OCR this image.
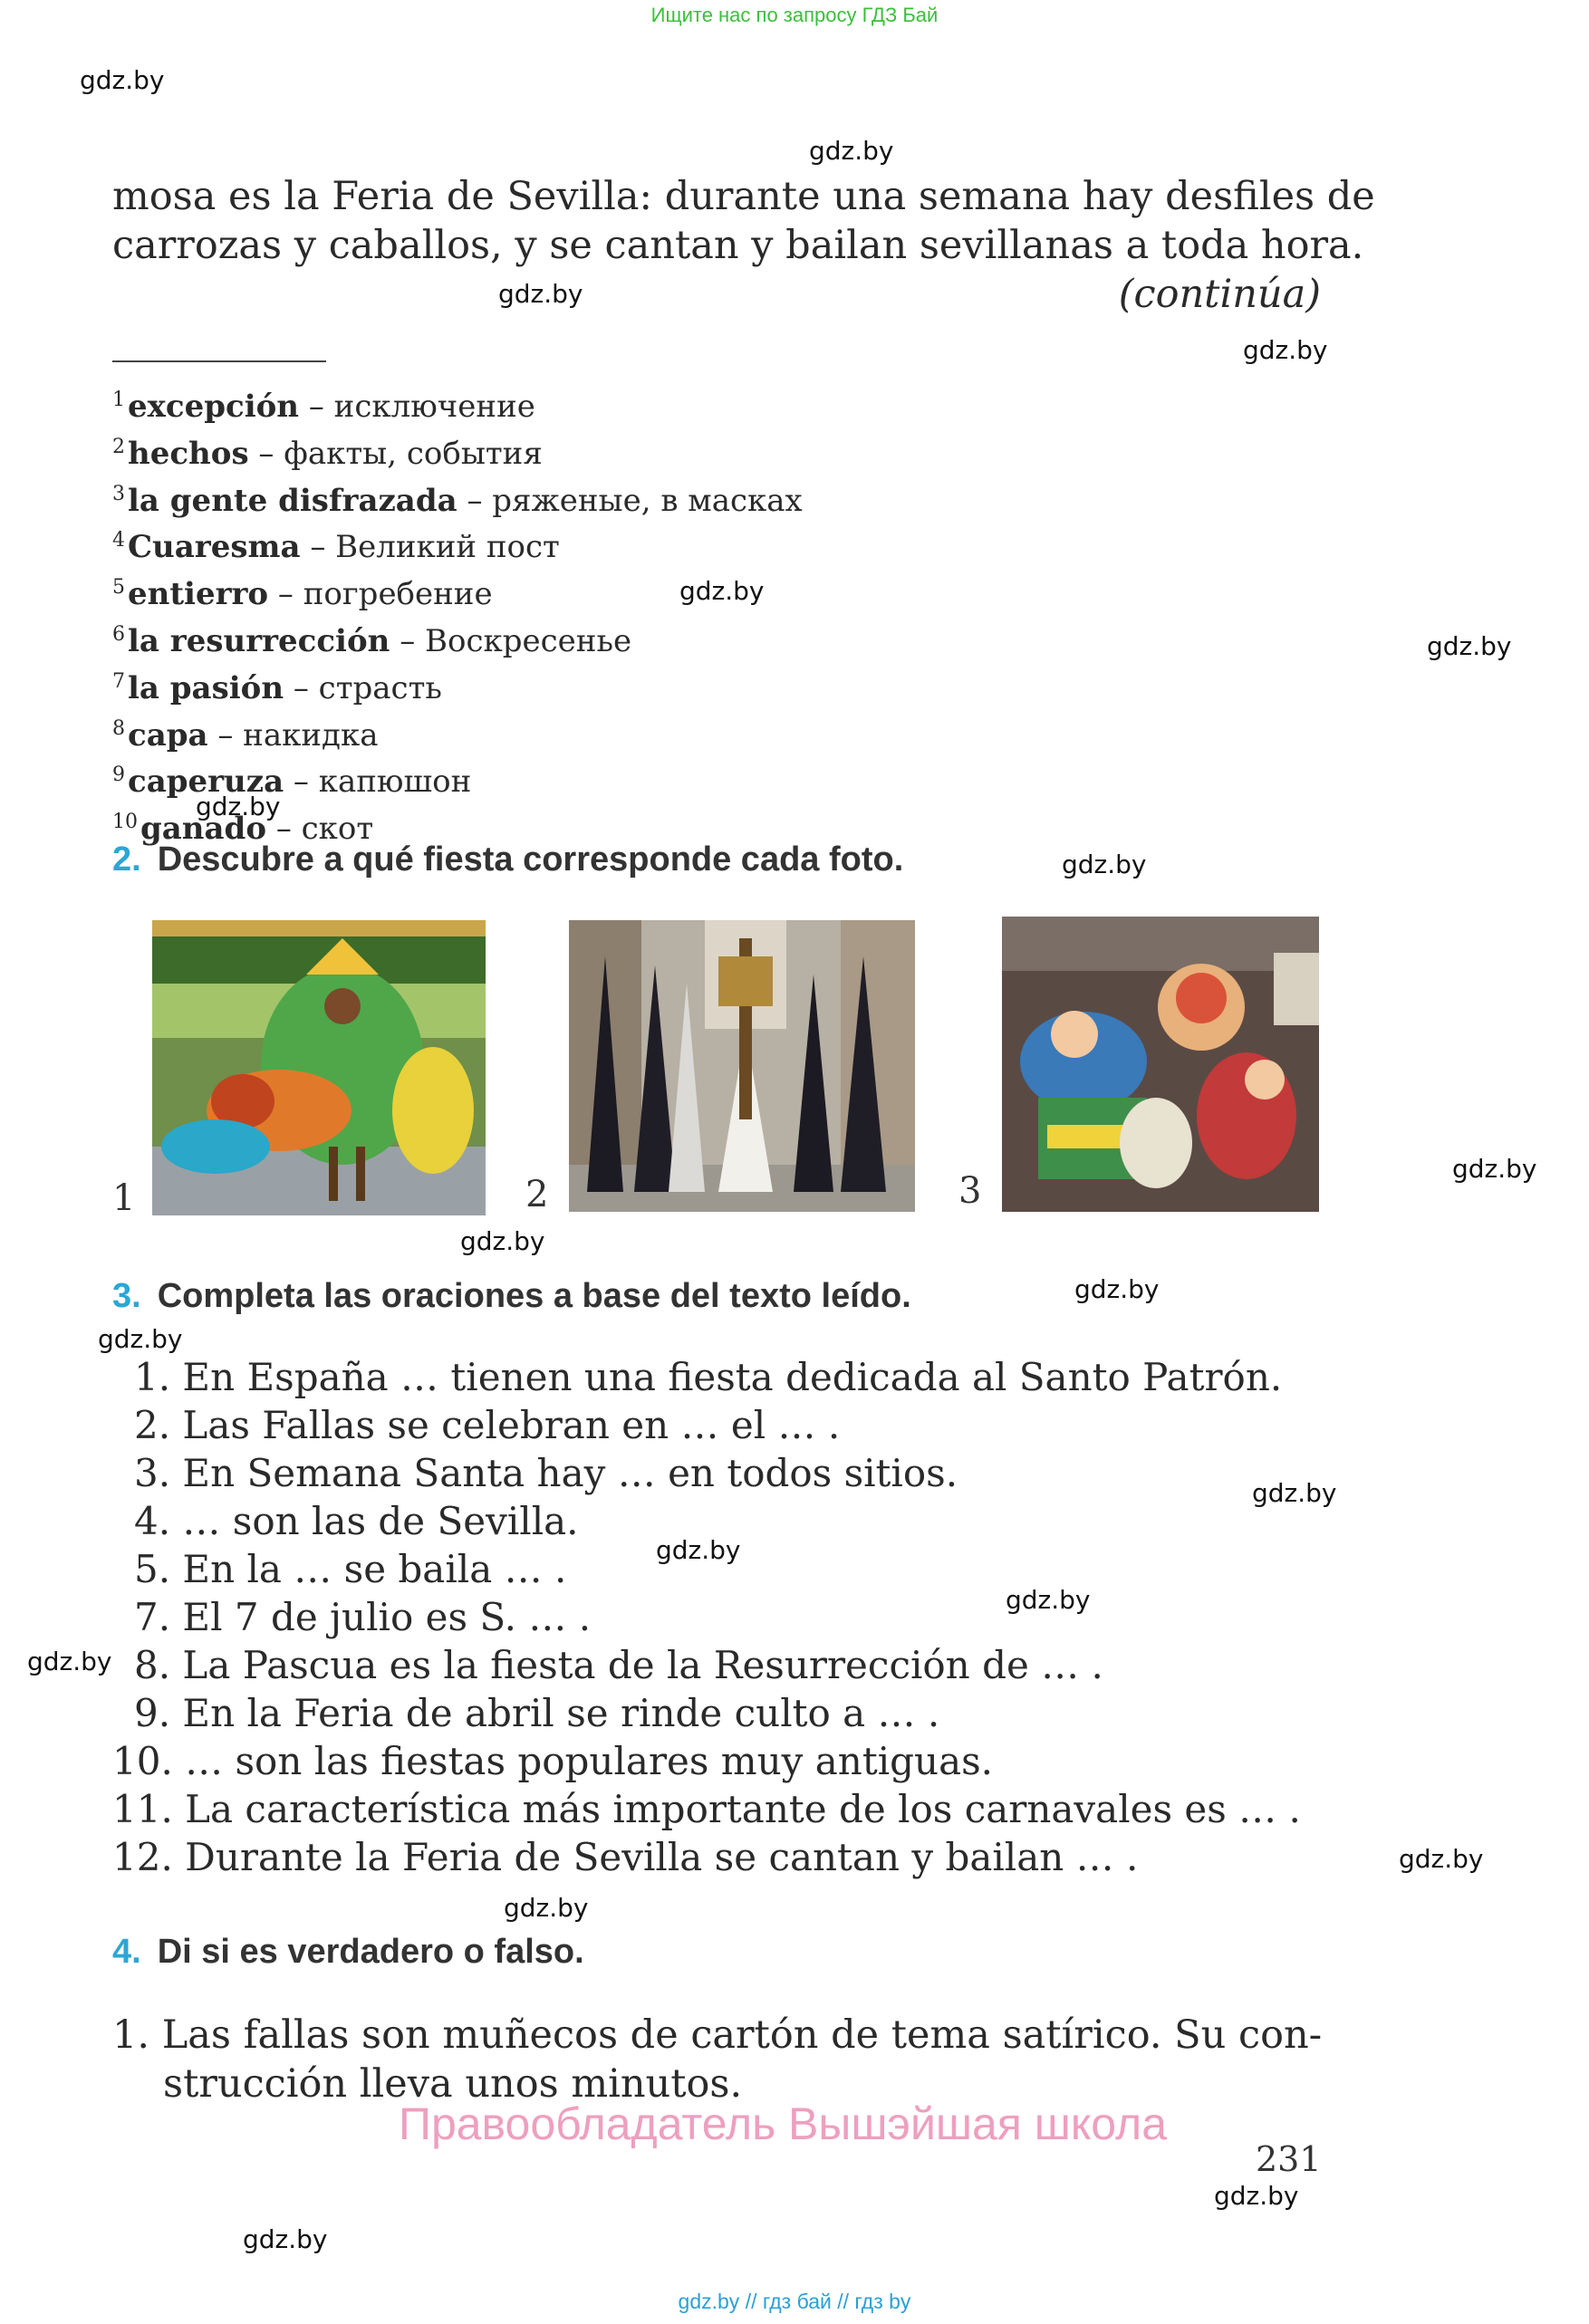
Ищите нас по запросу ГДЗ Бай
gdz.by
gdz.by
gdz.by
gdz.by
gdz.by
gdz.by
gdz.by
gdz.by
gdz.by
gdz.by
gdz.by
gdz.by
gdz.by
gdz.by
gdz.by
gdz.by
gdz.by
gdz.by
gdz.by
gdz.by
mosa es la Feria de Sevilla: durante una semana hay desfiles de
carrozas y caballos, y se cantan y bailan sevillanas a toda hora.
(continúa)
$^1$excepción – исключение
$^2$hechos – факты, события
$^3$la gente disfrazada – ряженые, в масках
$^4$Cuaresma – Великий пост
$^5$entierro – погребение
$^6$la resurrección – Воскресенье
$^7$la pasión – страсть
$^8$capa – накидка
$^9$caperuza – капюшон
$^{10}$ganado – скот
2. Descubre a qué fiesta corresponde cada foto.
1	2	3
3. Completa las oraciones a base del texto leído.
1. En España … tienen una fiesta dedicada al Santo Patrón.
2. Las Fallas se celebran en … el … .
3. En Semana Santa hay … en todos sitios.
4. … son las de Sevilla.
5. En la … se baila … .
7. El 7 de julio es S. … .
8. La Pascua es la fiesta de la Resurrección de … .
9. En la Feria de abril se rinde culto a … .
10. … son las fiestas populares muy antiguas.
11. La característica más importante de los carnavales es … .
12. Durante la Feria de Sevilla se cantan y bailan … .
4. Di si es verdadero o falso.
1. Las fallas son muñecos de cartón de tema satírico. Su con-
strucción lleva unos minutos.
Правообладатель Вышэйшая школа
231
gdz.by // гдз бай // гдз by
